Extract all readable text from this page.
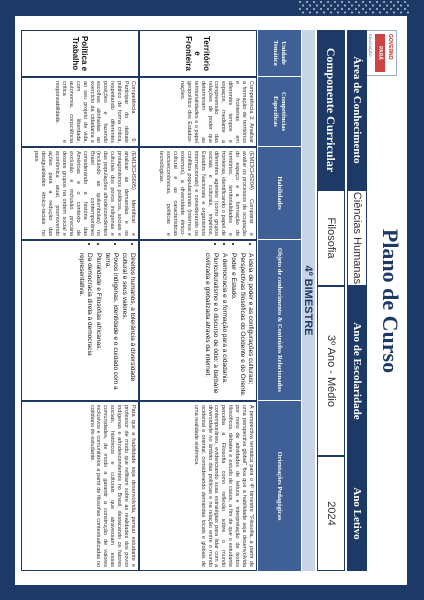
GOVERNO
PARÁ
EDUCAÇÃO
Plano de Curso
Área de Conhecimento
Ciências Humanas
Ano de Escolaridade
Ano Letivo
Componente Curricular
Filosofia
3º Ano - Médio
2024
4º BIMESTRE
Unidade Temática
Competências Específicas
Habilidades
Objeto de conhecimento & Conteúdos Relacionados
Orientações Pedagógicas
Território e Fronteira
Competência 2: Analisar a formação de territórios e fronteiras em diferentes tempos e espaços, mediante a compreensão das relações de poder que determinam as territorialidades e o papel geopolítico dos Estados-nações.
(EM13CHS204) Comparar e avaliar os processos de ocupação do espaço e a formação de territórios, territorialidades e fronteiras, identificando o papel de diferentes agentes (como grupos sociais e culturais, impérios, Estados Nacionais e organismos internacionais) e considerando os conflitos populacionais (internos e externos), a diversidade étnico-cultural e as características socioeconômicas, políticas e tecnológicas.
• A ideia de poder e as configurações culturais; Perspectivas filosóficas do Ocidente e do Oriente.
• Poder e Estado.
• A democracia e a formação para a cidadania.
• Pluriculturalismo e o discurso de ódio: a barbárie civilizada e globalizada através da internet.
A perspectiva temática para o 4º bimestre "Filosofia, a partir de uma perspectiva global" fixa que a habilidade seja desenvolvida por meio de atividades de leitura e interpretação de textos filosóficos, debates e estudo de casos, a fim de que o estudante perceba a Filosofia como reflexão sobre o mundo contemporâneo, evidenciando suas estratégias para lidar com a diversidade no âmbito das políticas e na relação entre o mundo ocidental e oriental, considerando demandas locais e globais de uma realidade sistêmica.
Política e Trabalho
Competência 6: Participar do debate público de forma crítica, respeitando diferentes posições e fazendo escolhas alinhadas ao exercício da cidadania e ao seu projeto de vida, com liberdade, autonomia, consciência crítica e responsabilidade.
(EM13CHS605) Identificar e analisar as demandas e os protagonismos políticos, sociais e culturais dos povos indígenas e das populações afrodescendentes (incluindo as quilombolas) no Brasil contemporâneo considerando a história das Américas e o contexto de exclusão e inclusão precária desses grupos na ordem social e econômica atual, promovendo ações para a redução das desigualdades étnico-raciais no país.
• Direitos humanos, a tolerância à diversidade cultural e seus valores.
• Povos indígenas, identidade e o cuidado com a terra.
• Pluralidade e Filosofias africanas.
• Da democracia direta à democracia representativa.
Para que a habilidade seja desenvolvida, pensar estudante e professor de modo que reflitam sobre as realidades dos povos indígenas e afrodescendentes no Brasil, destacando os fatores sociais, históricos e culturais que atravessam essas comunidades, de modo a garantir a construção de valores inclusivos e comunitários a partir de filosofias contextualizadas no cotidiano do estudante.
